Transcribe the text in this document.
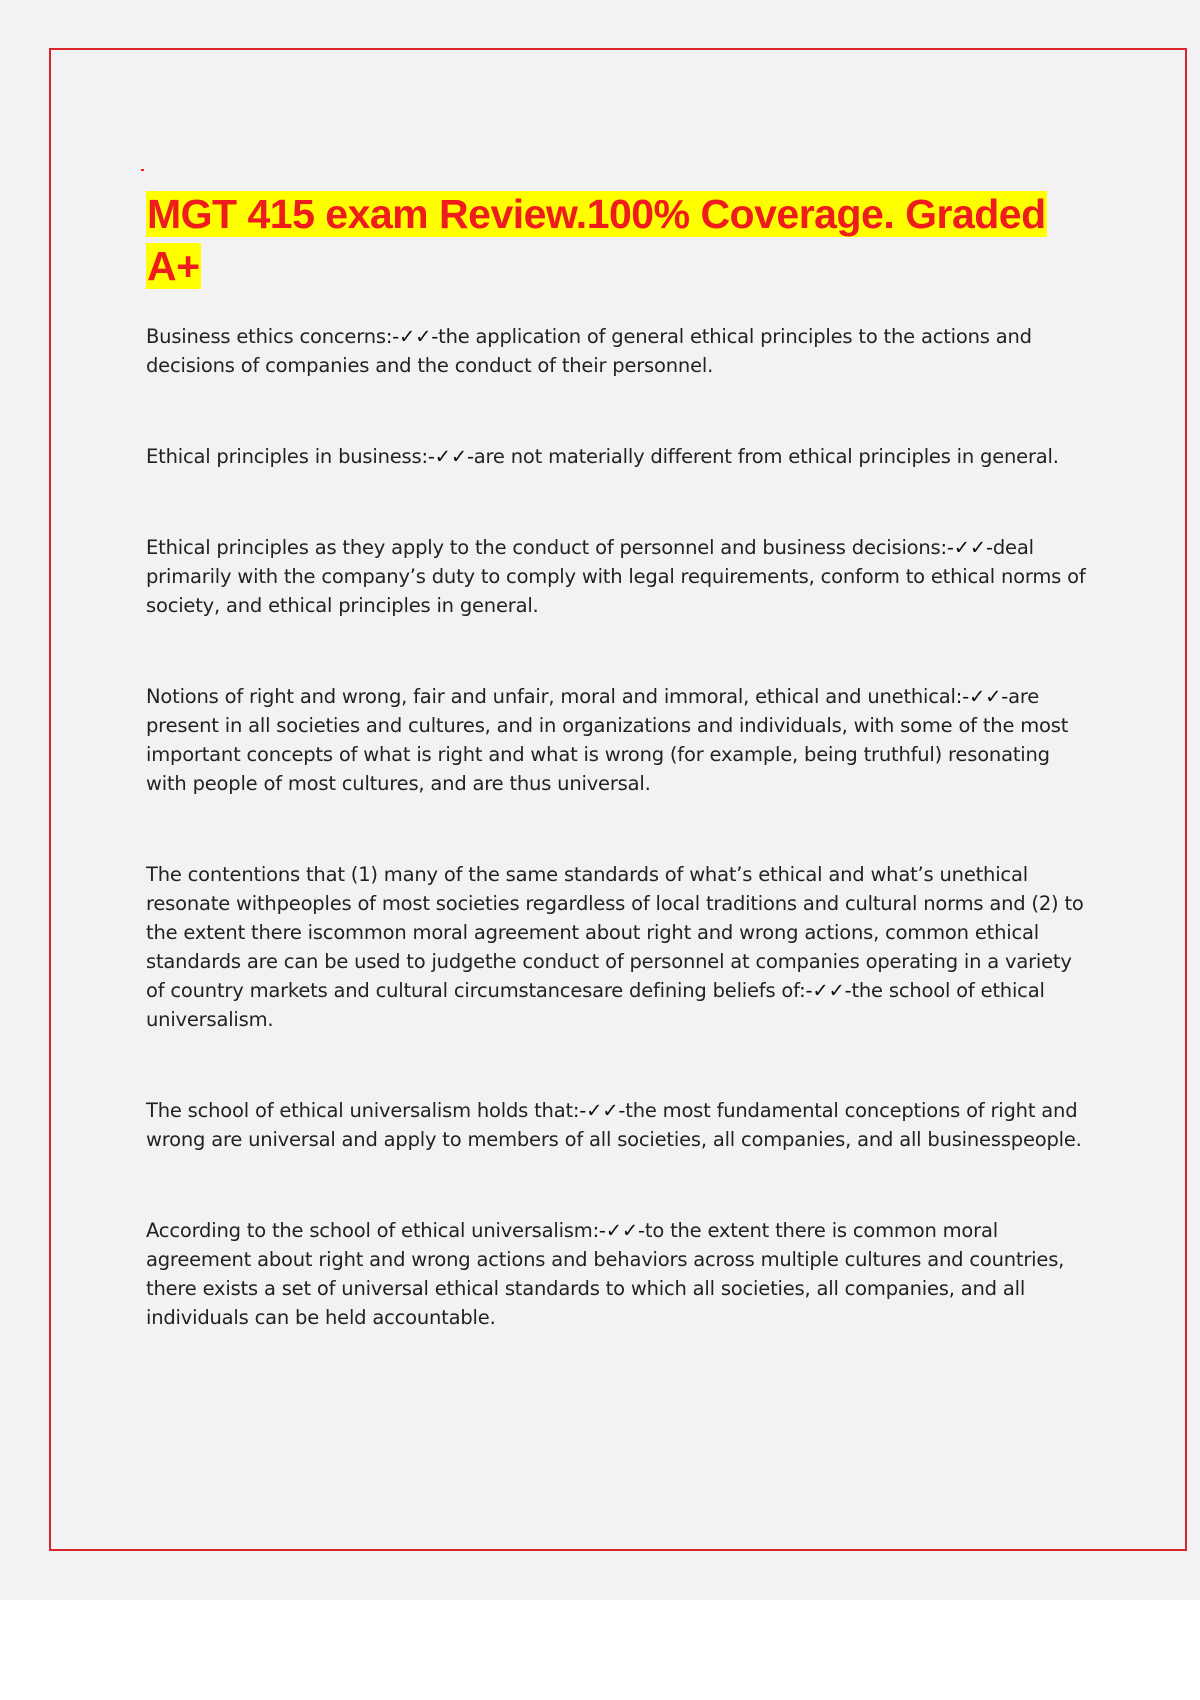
MGT 415 exam Review.100% Coverage. Graded A+

Business ethics concerns:-✓✓-the application of general ethical principles to the actions and decisions of companies and the conduct of their personnel.

Ethical principles in business:-✓✓-are not materially different from ethical principles in general.

Ethical principles as they apply to the conduct of personnel and business decisions:-✓✓-deal primarily with the company’s duty to comply with legal requirements, conform to ethical norms of society, and ethical principles in general.

Notions of right and wrong, fair and unfair, moral and immoral, ethical and unethical:-✓✓-are present in all societies and cultures, and in organizations and individuals, with some of the most important concepts of what is right and what is wrong (for example, being truthful) resonating with people of most cultures, and are thus universal.

The contentions that (1) many of the same standards of what’s ethical and what’s unethical resonate withpeoples of most societies regardless of local traditions and cultural norms and (2) to the extent there iscommon moral agreement about right and wrong actions, common ethical standards are can be used to judgethe conduct of personnel at companies operating in a variety of country markets and cultural circumstancesare defining beliefs of:-✓✓-the school of ethical universalism.

The school of ethical universalism holds that:-✓✓-the most fundamental conceptions of right and wrong are universal and apply to members of all societies, all companies, and all businesspeople.

According to the school of ethical universalism:-✓✓-to the extent there is common moral agreement about right and wrong actions and behaviors across multiple cultures and countries, there exists a set of universal ethical standards to which all societies, all companies, and all individuals can be held accountable.
